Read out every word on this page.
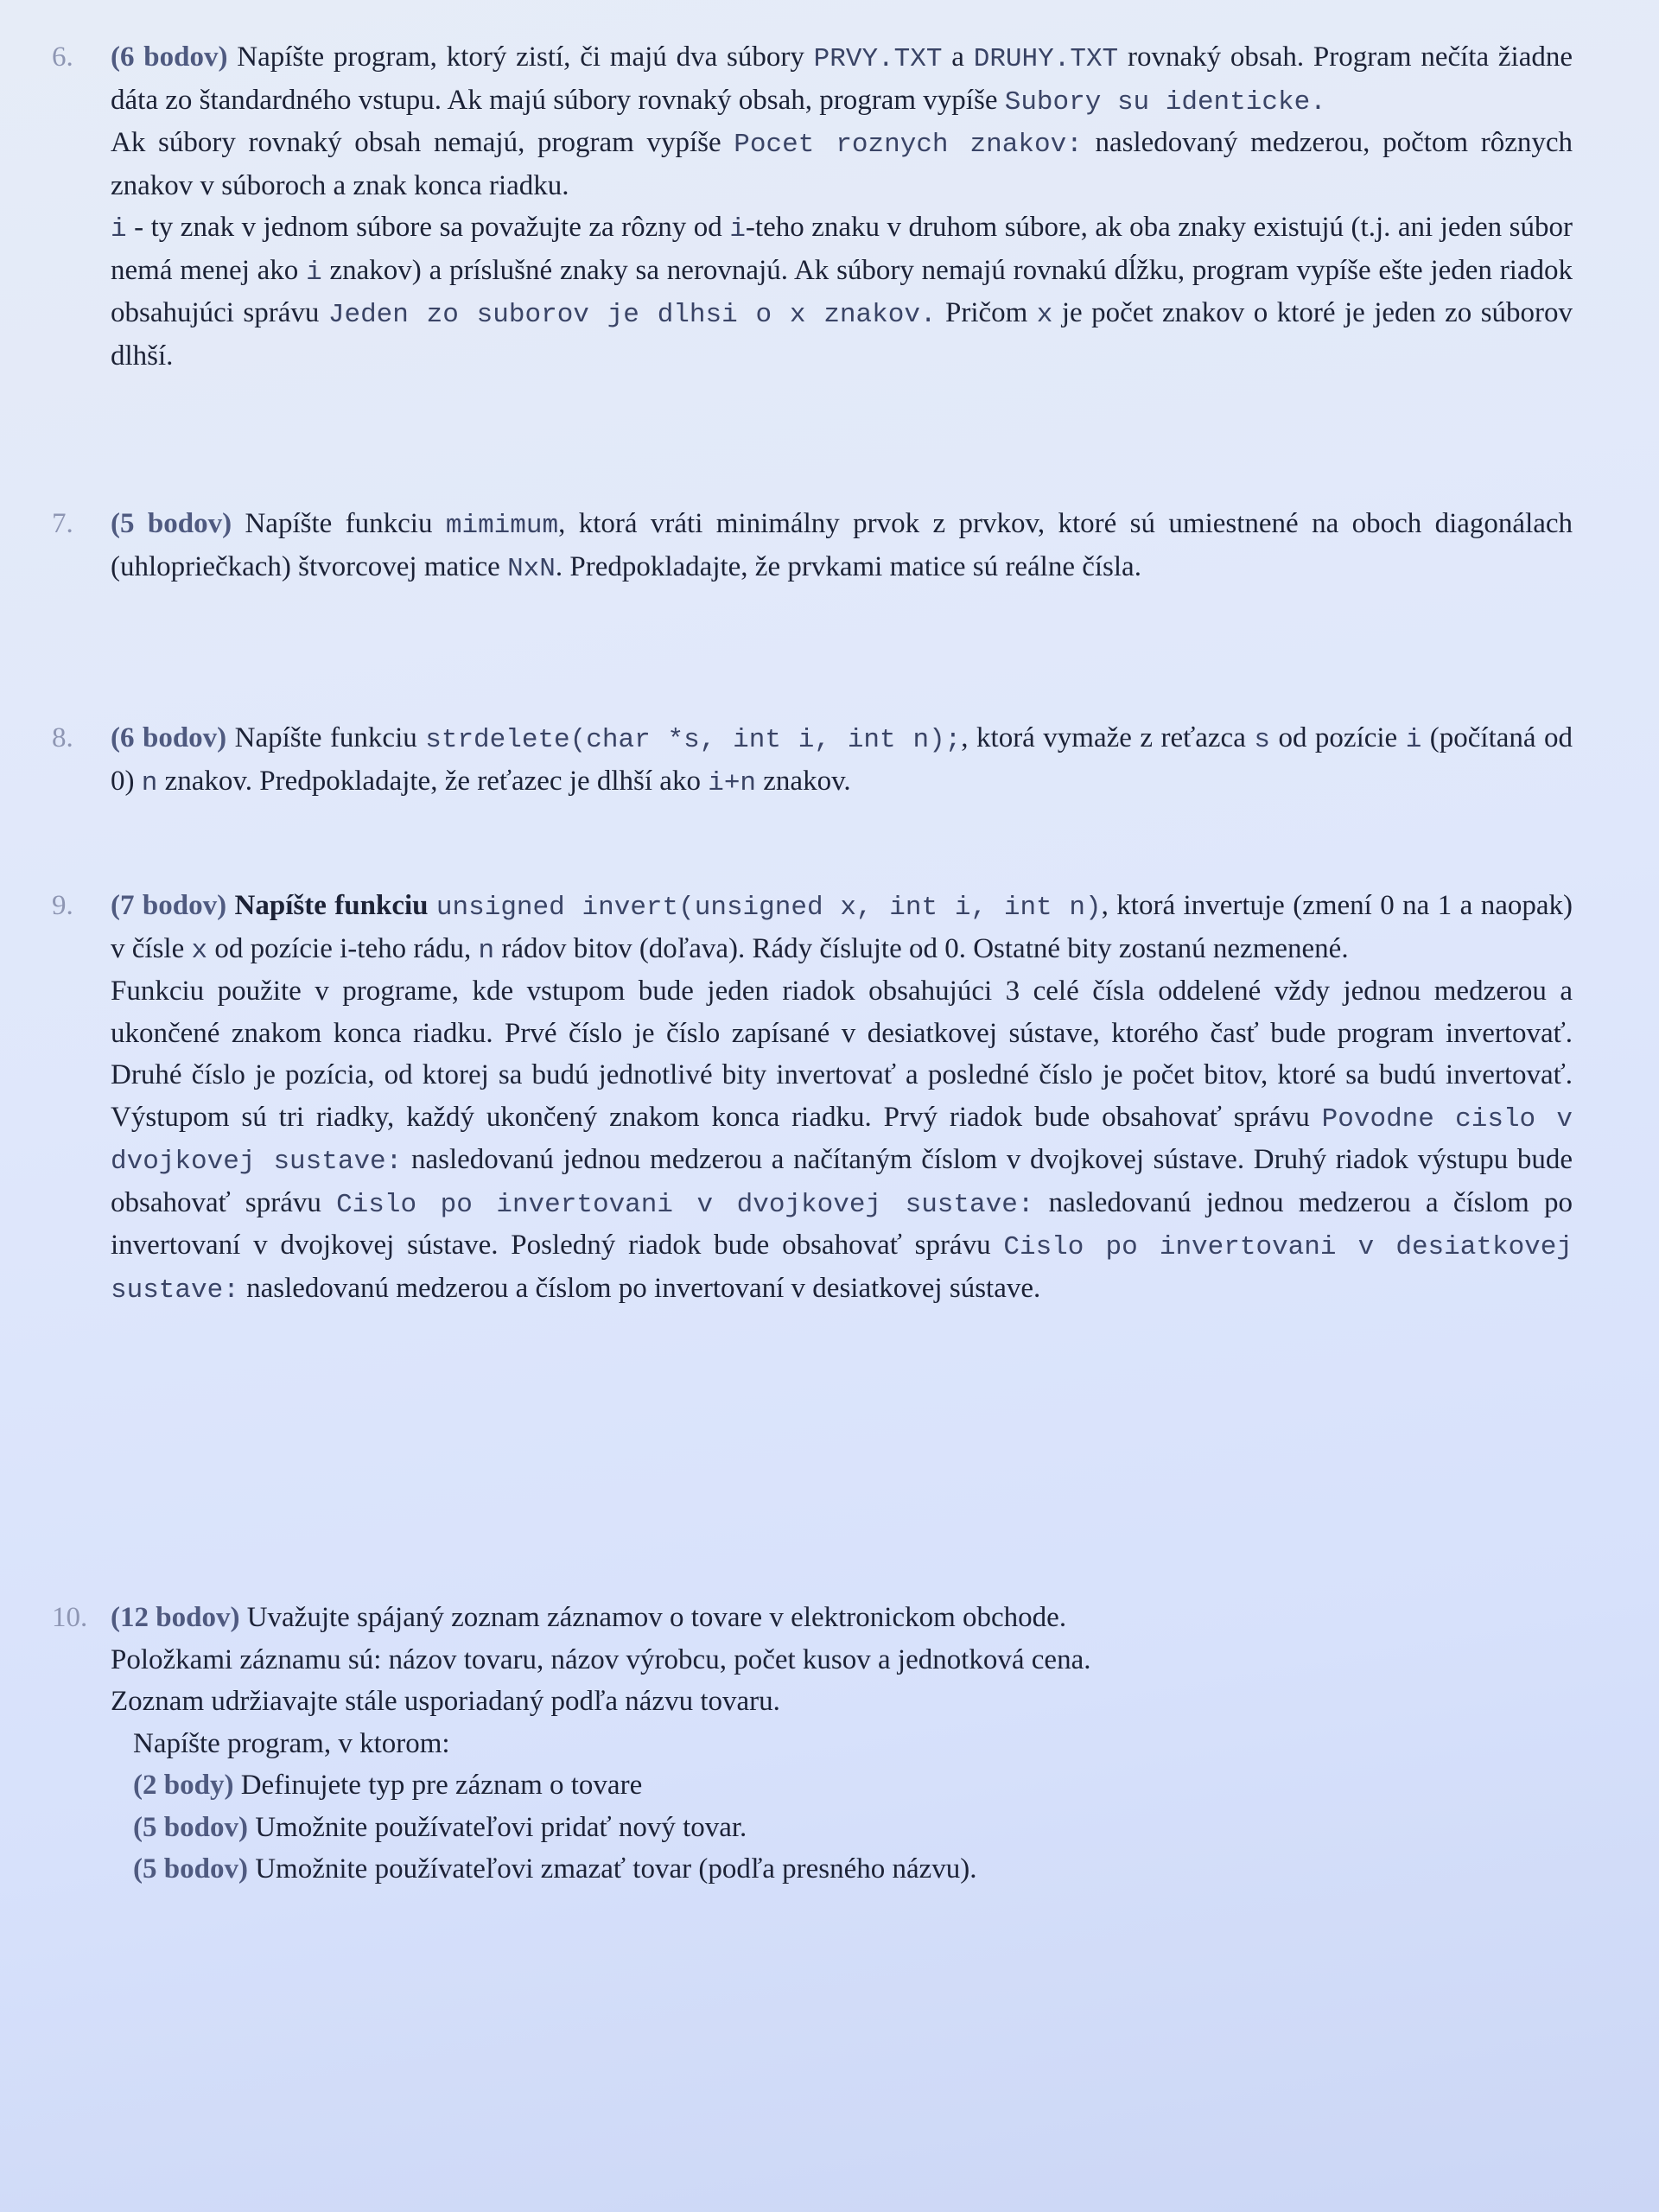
6.	(6 bodov) Napíšte program, ktorý zistí, či majú dva súbory PRVY.TXT a DRUHY.TXT rovnaký obsah. Program nečíta žiadne dáta zo štandardného vstupu. Ak majú súbory rovnaký obsah, program vypíše Subory su identicke.

Ak súbory rovnaký obsah nemajú, program vypíše Pocet roznych znakov: nasledovaný medzerou, počtom rôznych znakov v súboroch a znak konca riadku.

i - ty znak v jednom súbore sa považujte za rôzny od i-teho znaku v druhom súbore, ak oba znaky existujú (t.j. ani jeden súbor nemá menej ako i znakov) a príslušné znaky sa nerovnajú. Ak súbory nemajú rovnakú dĺžku, program vypíše ešte jeden riadok obsahujúci správu Jeden zo suborov je dlhsi o x znakov. Pričom x je počet znakov o ktoré je jeden zo súborov dlhší.

7.	(5 bodov) Napíšte funkciu mimimum, ktorá vráti minimálny prvok z prvkov, ktoré sú umiestnené na oboch diagonálach (uhlopriečkach) štvorcovej matice NxN. Predpokladajte, že prvkami matice sú reálne čísla.

8.	(6 bodov) Napíšte funkciu strdelete(char *s, int i, int n);, ktorá vymaže z reťazca s od pozície i (počítaná od 0) n znakov. Predpokladajte, že reťazec je dlhší ako i+n znakov.

9.	(7 bodov) Napíšte funkciu unsigned invert(unsigned x, int i, int n), ktorá invertuje (zmení 0 na 1 a naopak) v čísle x od pozície i-teho rádu, n rádov bitov (doľava). Rády číslujte od 0. Ostatné bity zostanú nezmenené.

Funkciu použite v programe, kde vstupom bude jeden riadok obsahujúci 3 celé čísla oddelené vždy jednou medzerou a ukončené znakom konca riadku. Prvé číslo je číslo zapísané v desiatkovej sústave, ktorého časť bude program invertovať. Druhé číslo je pozícia, od ktorej sa budú jednotlivé bity invertovať a posledné číslo je počet bitov, ktoré sa budú invertovať. Výstupom sú tri riadky, každý ukončený znakom konca riadku. Prvý riadok bude obsahovať správu Povodne cislo v dvojkovej sustave: nasledovanú jednou medzerou a načítaným číslom v dvojkovej sústave. Druhý riadok výstupu bude obsahovať správu Cislo po invertovani v dvojkovej sustave: nasledovanú jednou medzerou a číslom po invertovaní v dvojkovej sústave. Posledný riadok bude obsahovať správu Cislo po invertovani v desiatkovej sustave: nasledovanú medzerou a číslom po invertovaní v desiatkovej sústave.

10. (12 bodov) Uvažujte spájaný zoznam záznamov o tovare v elektronickom obchode.

Položkami záznamu sú: názov tovaru, názov výrobcu, počet kusov a jednotková cena.

Zoznam udržiavajte stále usporiadaný podľa názvu tovaru.

Napíšte program, v ktorom:

(2 body) Definujete typ pre záznam o tovare

(5 bodov) Umožnite používateľovi pridať nový tovar.

(5 bodov) Umožnite používateľovi zmazať tovar (podľa presného názvu).
